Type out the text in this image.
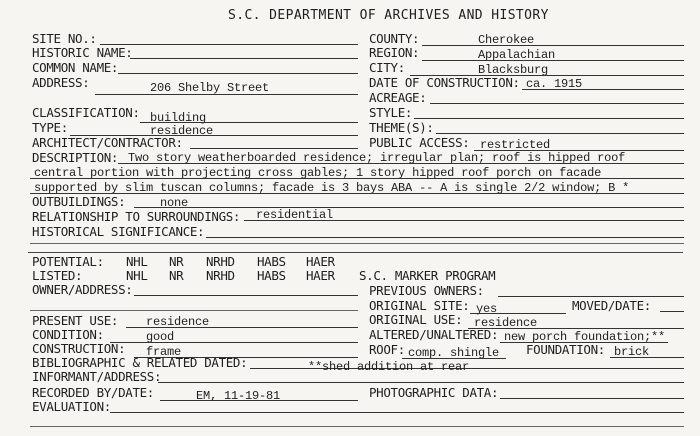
S.C. DEPARTMENT OF ARCHIVES AND HISTORY
SITE NO.:
HISTORIC NAME:
COMMON NAME:
ADDRESS:	206 Shelby Street
COUNTY:	Cherokee
REGION:	Appalachian
CITY:	Blacksburg
DATE OF CONSTRUCTION: ca. 1915
ACREAGE:
CLASSIFICATION: building	STYLE:
TYPE:	residence	THEME(S):
ARCHITECT/CONTRACTOR:	PUBLIC ACCESS: restricted
DESCRIPTION: Two story weatherboarded residence; irregular plan; roof is hipped roof
central portion with projecting cross gables; 1 story hipped roof porch on facade
supported by slim tuscan columns; facade is 3 bays ABA -- A is single 2/2 window; B *
OUTBUILDINGS:	none
RELATIONSHIP TO SURROUNDINGS: residential
HISTORICAL SIGNIFICANCE:
POTENTIAL: NHL NR NRHD HABS HAER
LISTED:	NHL NR NRHD HABS HAER S.C. MARKER PROGRAM
OWNER/ADDRESS:	PREVIOUS OWNERS:
ORIGINAL SITE: yes	MOVED/DATE:
PRESENT USE: residence	ORIGINAL USE: residence
CONDITION:	good	ALTERED/UNALTERED: new porch foundation;**
CONSTRUCTION: frame	ROOF: comp. shingle FOUNDATION: brick
BIBLIOGRAPHIC & RELATED DATED:	**shed addition at rear
INFORMANT/ADDRESS:
RECORDED BY/DATE:	EM, 11-19-81	PHOTOGRAPHIC DATA:
EVALUATION:
